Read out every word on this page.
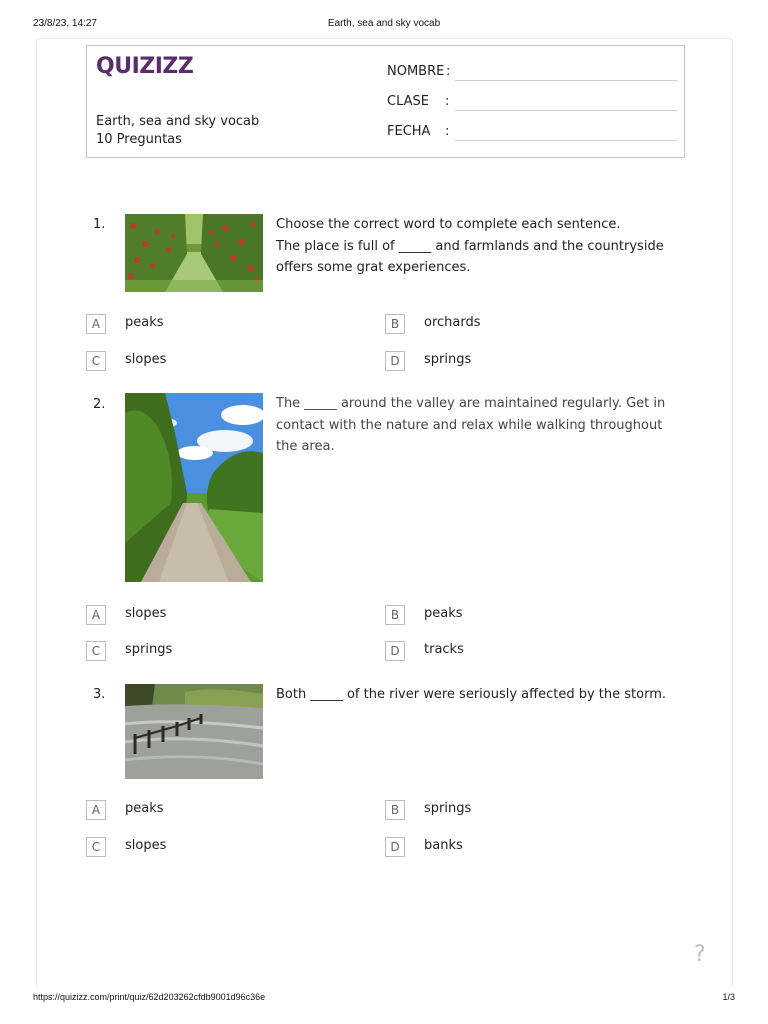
23/8/23, 14:27	Earth, sea and sky vocab
QUIZIZZ
Earth, sea and sky vocab
10 Preguntas
NOMBRE :
CLASE :
FECHA :
1.	Choose the correct word to complete each sentence.
The place is full of _____ and farmlands and the countryside offers some grat experiences.
A	peaks	B	orchards
C	slopes	D	springs
2.	The _____ around the valley are maintained regularly. Get in contact with the nature and relax while walking throughout the area.
A	slopes	B	peaks
C	springs	D	tracks
3.	Both _____ of the river were seriously affected by the storm.
A	peaks	B	springs
C	slopes	D	banks
?
https://quizizz.com/print/quiz/62d203262cfdb9001d96c36e	1/3
